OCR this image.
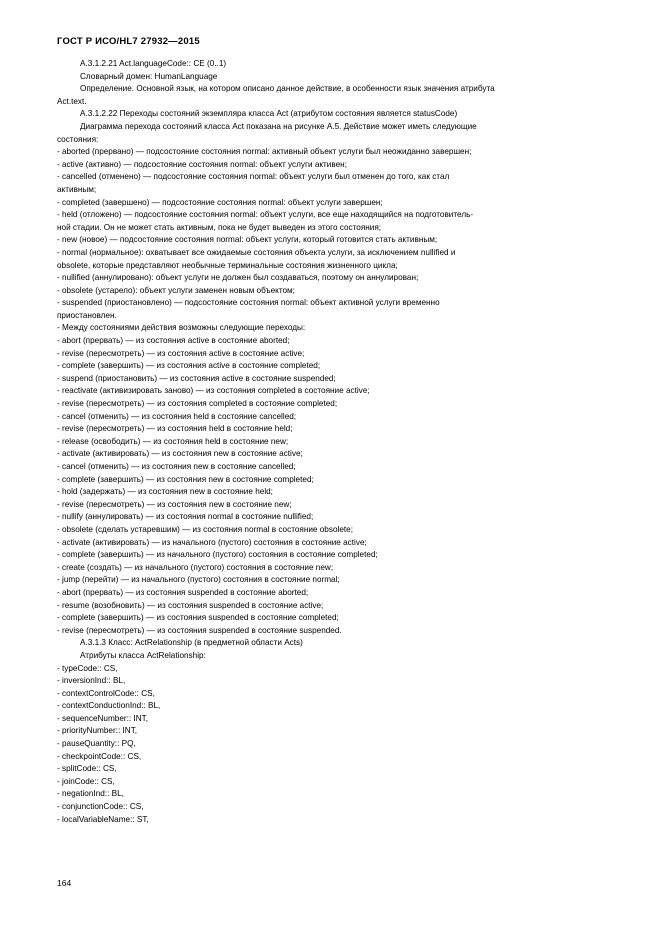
ГОСТ Р ИСО/HL7 27932—2015

A.3.1.2.21 Act.languageCode:: CE (0..1)

Словарный домен: HumanLanguage

Определение. Основной язык, на котором описано данное действие, в особенности язык значения атрибута

Act.text.

A.3.1.2.22 Переходы состояний экземпляра класса Act (атрибутом состояния является statusCode)

Диаграмма перехода состояний класса Act показана на рисунке А.5. Действие может иметь следующие

состояния:

- aborted (прервано) — подсостояние состояния normal: активный объект услуги был неожиданно завершен;

- active (активно) — подсостояние состояния normal: объект услуги активен;

- cancelled (отменено) — подсостояние состояния normal: объект услуги был отменен до того, как стал

активным;

- completed (завершено) — подсостояние состояния normal: объект услуги завершен;

- held (отложено) — подсостояние состояния normal: объект услуги, все еще находящийся на подготовитель-

ной стадии. Он не может стать активным, пока не будет выведен из этого состояния;

- new (новое) — подсостояние состояния normal: объект услуги, который готовится стать активным;

- normal (нормальное): охватывает все ожидаемые состояния объекта услуги, за исключением nullified и

obsolete, которые представляют необычные терминальные состояния жизненного цикла;

- nullified (аннулировано): объект услуги не должен был создаваться, поэтому он аннулирован;

- obsolete (устарело): объект услуги заменен новым объектом;

- suspended (приостановлено) — подсостояние состояния normal: объект активной услуги временно

приостановлен.

- Между состояниями действия возможны следующие переходы:

- abort (прервать) — из состояния active в состояние aborted;

- revise (пересмотреть) — из состояния active в состояние active;

- complete (завершить) — из состояния active в состояние completed;

- suspend (приостановить) — из состояния active в состояние suspended;

- reactivate (активизировать заново) — из состояния completed в состояние active;

- revise (пересмотреть) — из состояния completed в состояние completed;

- cancel (отменить) — из состояния held в состояние cancelled;

- revise (пересмотреть) — из состояния held в состояние held;

- release (освободить) — из состояния held в состояние new;

- activate (активировать) — из состояния new в состояние active;

- cancel (отменить) — из состояния new в состояние cancelled;

- complete (завершить) — из состояния new в состояние completed;

- hold (задержать) — из состояния new в состояние held;

- revise (пересмотреть) — из состояния new в состояние new;

- nullify (аннулировать) — из состояния normal в состояние nullified;

- obsolete (сделать устаревшим) — из состояния normal в состояние obsolete;

- activate (активировать) — из начального (пустого) состояния в состояние active;

- complete (завершить) — из начального (пустого) состояния в состояние completed;

- create (создать) — из начального (пустого) состояния в состояние new;

- jump (перейти) — из начального (пустого) состояния в состояние normal;

- abort (прервать) — из состояния suspended в состояние aborted;

- resume (возобновить) — из состояния suspended в состояние active;

- complete (завершить) — из состояния suspended в состояние completed;

- revise (пересмотреть) — из состояния suspended в состояние suspended.

A.3.1.3 Класс: ActRelationship (в предметной области Acts)

Атрибуты класса ActRelationship:

- typeCode:: CS,

- inversionInd:: BL,

- contextControlCode:: CS,

- contextConductionInd:: BL,

- sequenceNumber:: INT,

- priorityNumber:: INT,

- pauseQuantity:: PQ,

- checkpointCode:: CS,

- splitCode:: CS,

- joinCode:: CS,

- negationInd:: BL,

- conjunctionCode:: CS,

- localVariableName:: ST,

164
